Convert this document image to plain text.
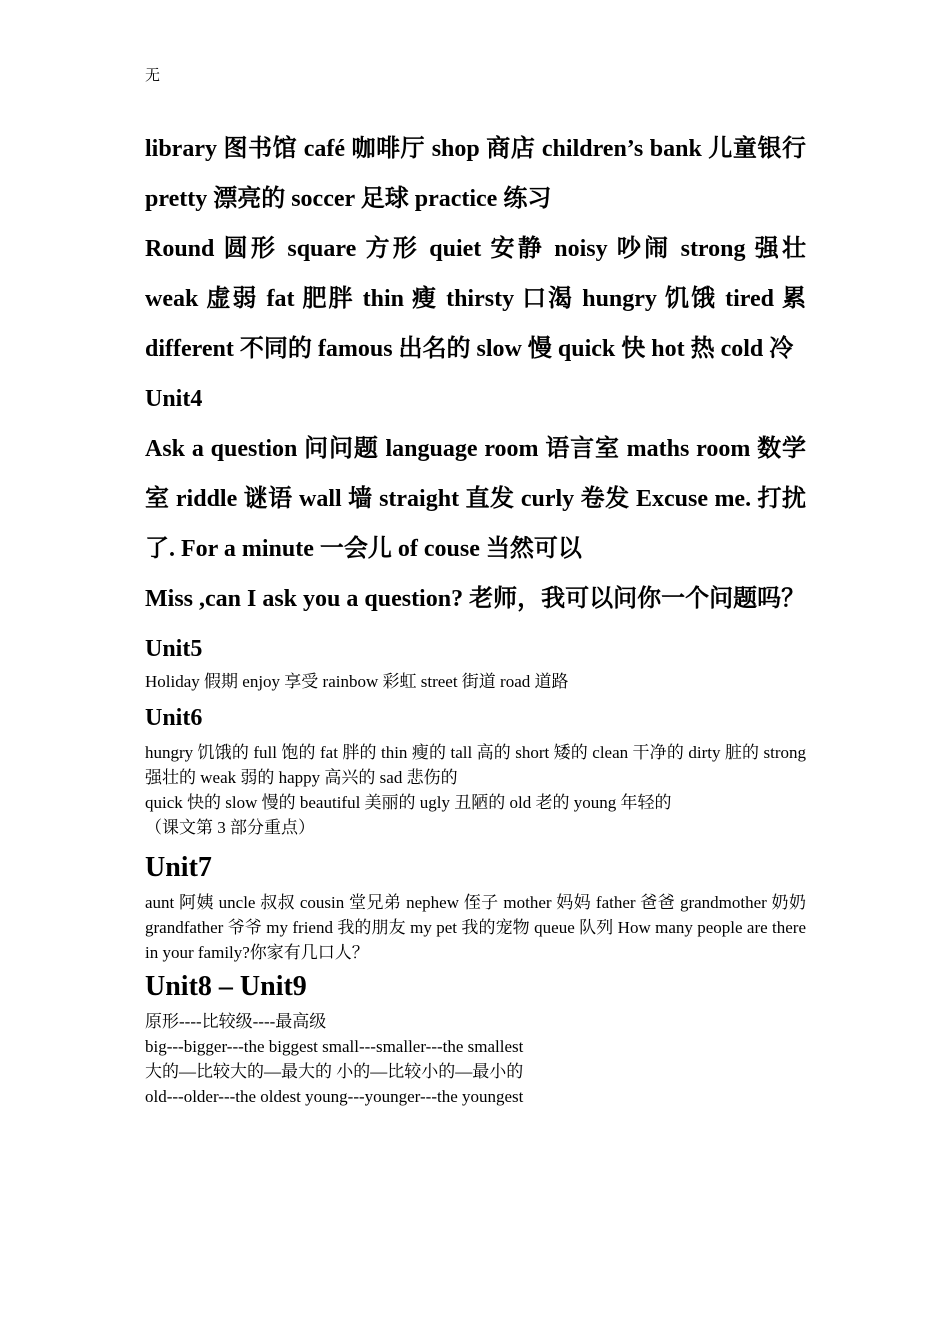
无

library 图书馆 café 咖啡厅 shop 商店 children’s bank 儿童银行 pretty 漂亮的 soccer 足球 practice 练习

Round 圆形 square 方形 quiet 安静 noisy 吵闹 strong 强壮 weak 虚弱 fat 肥胖 thin 瘦 thirsty 口渴 hungry 饥饿 tired 累 different 不同的 famous 出名的 slow 慢 quick 快 hot 热 cold 冷

Unit4

Ask a question 问问题 language room 语言室 maths room 数学室 riddle 谜语 wall 墙 straight 直发 curly 卷发 Excuse me. 打扰了. For a minute 一会儿 of couse 当然可以

Miss ,can I ask you a question? 老师，我可以问你一个问题吗？

Unit5

Holiday 假期 enjoy 享受 rainbow 彩虹 street 街道 road 道路

Unit6

hungry 饥饿的 full 饱的 fat 胖的 thin 瘦的 tall 高的 short 矮的 clean 干净的 dirty 脏的 strong 强壮的 weak 弱的 happy 高兴的 sad 悲伤的

quick 快的 slow 慢的 beautiful 美丽的 ugly 丑陋的 old 老的 young 年轻的

（课文第 3 部分重点）

Unit7

aunt 阿姨 uncle 叔叔 cousin 堂兄弟 nephew 侄子 mother 妈妈 father 爸爸 grandmother 奶奶 grandfather 爷爷 my friend 我的朋友 my pet 我的宠物 queue 队列 How many people are there in your family?你家有几口人？

Unit8 – Unit9

原形----比较级----最高级

big---bigger---the biggest small---smaller---the smallest

大的—比较大的—最大的 小的—比较小的—最小的

old---older---the oldest young---younger---the youngest
